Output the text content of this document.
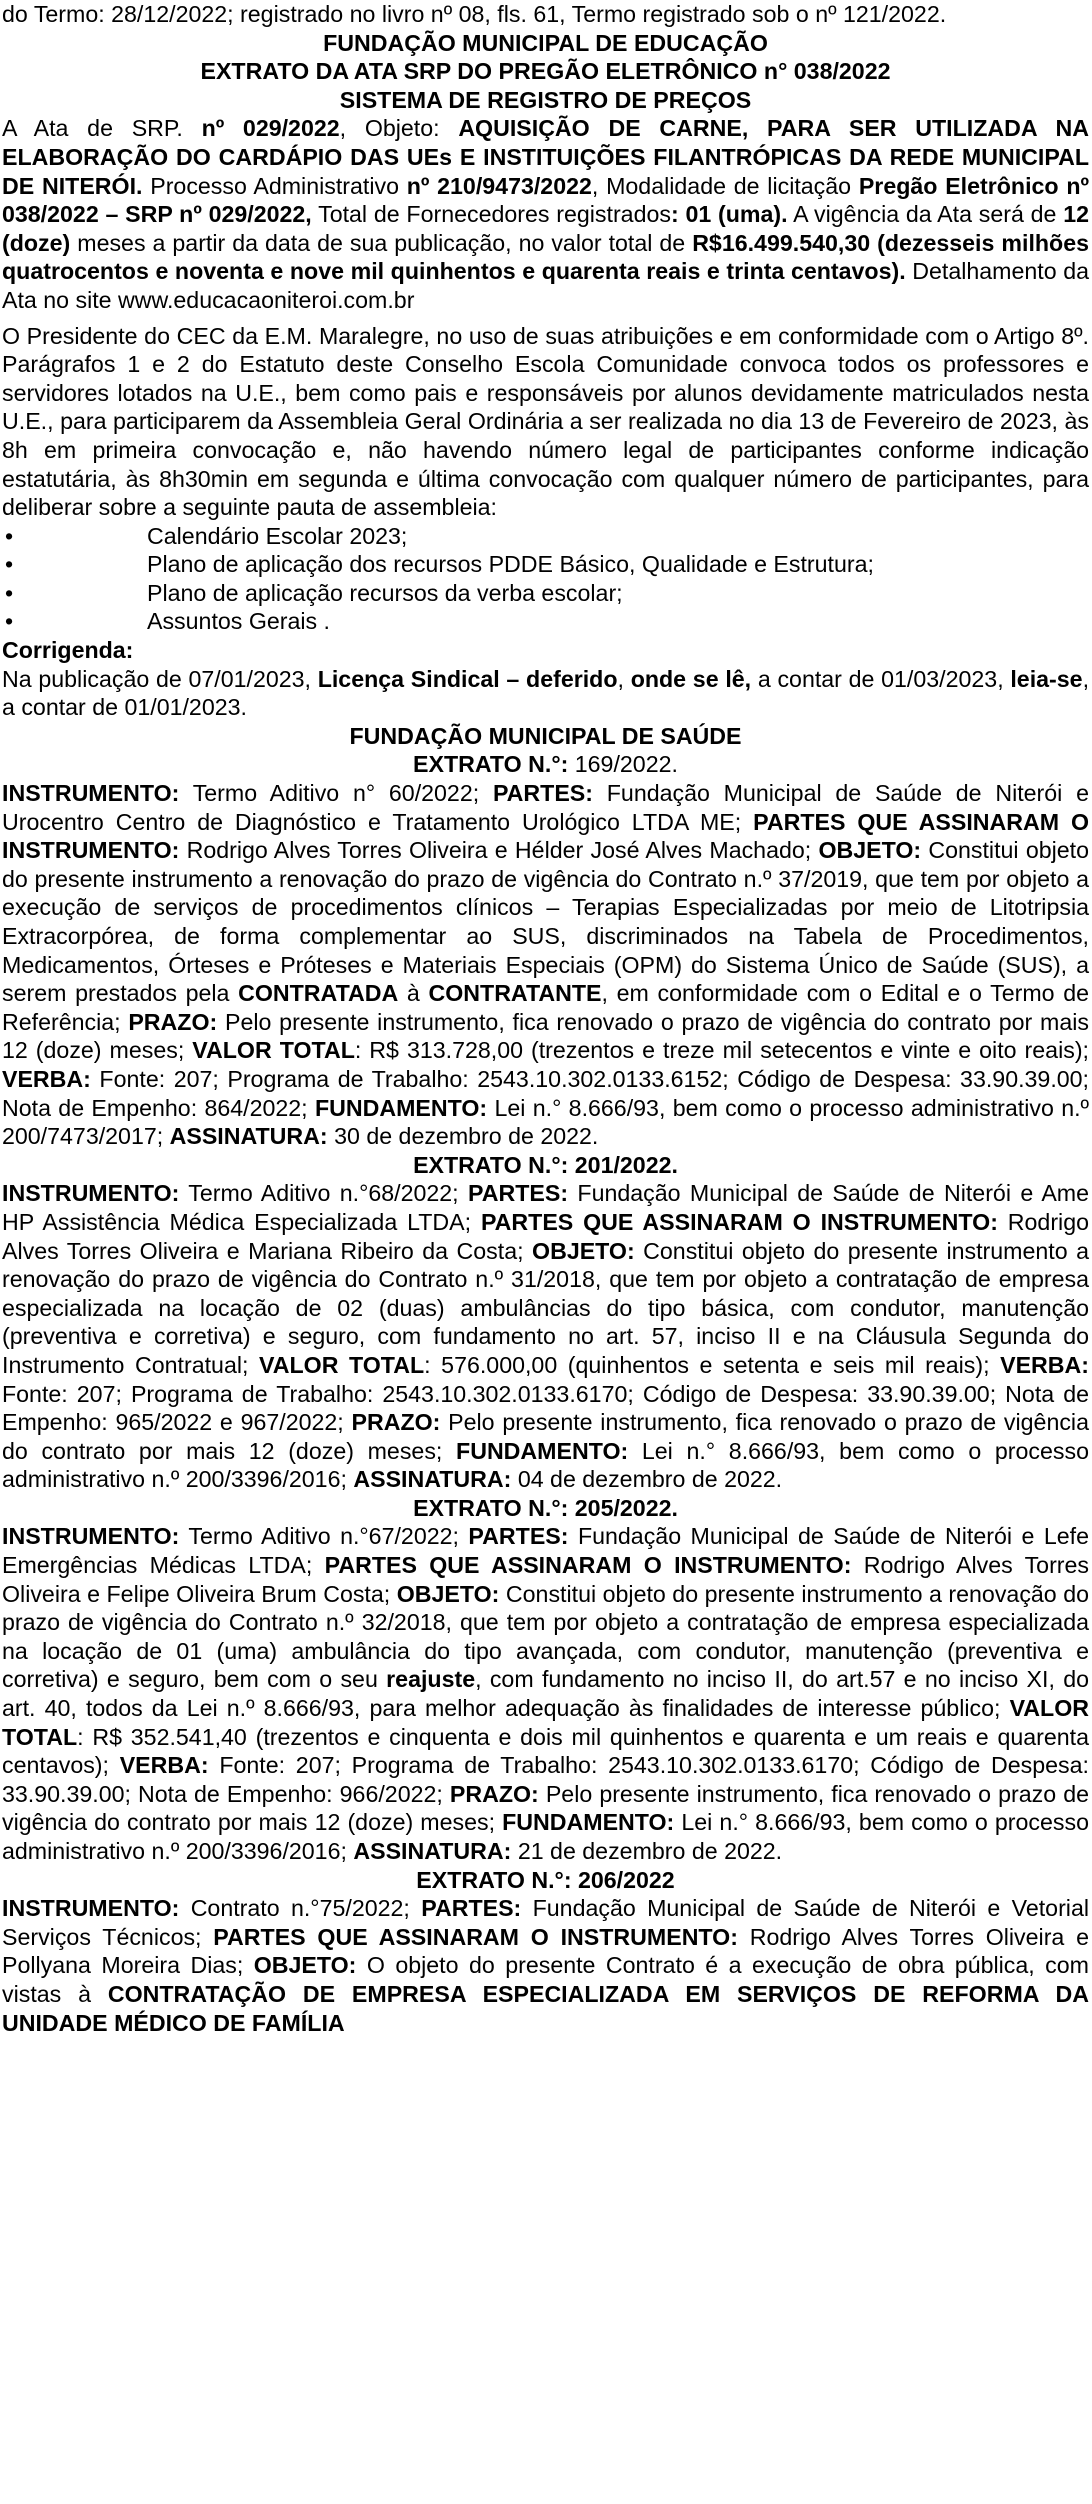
do Termo: 28/12/2022; registrado no livro nº 08, fls. 61, Termo registrado sob o nº 121/2022.

FUNDAÇÃO MUNICIPAL DE EDUCAÇÃO

EXTRATO DA ATA SRP DO PREGÃO ELETRÔNICO n° 038/2022

SISTEMA DE REGISTRO DE PREÇOS

A Ata de SRP. nº 029/2022, Objeto: AQUISIÇÃO DE CARNE, PARA SER UTILIZADA NA ELABORAÇÃO DO CARDÁPIO DAS UEs E INSTITUIÇÕES FILANTRÓPICAS DA REDE MUNICIPAL DE NITERÓI. Processo Administrativo nº 210/9473/2022, Modalidade de licitação Pregão Eletrônico nº 038/2022 – SRP nº 029/2022, Total de Fornecedores registrados: 01 (uma). A vigência da Ata será de 12 (doze) meses a partir da data de sua publicação, no valor total de R$16.499.540,30 (dezesseis milhões quatrocentos e noventa e nove mil quinhentos e quarenta reais e trinta centavos). Detalhamento da Ata no site www.educacaoniteroi.com.br

O Presidente do CEC da E.M. Maralegre, no uso de suas atribuições e em conformidade com o Artigo 8º. Parágrafos 1 e 2 do Estatuto deste Conselho Escola Comunidade convoca todos os professores e servidores lotados na U.E., bem como pais e responsáveis por alunos devidamente matriculados nesta U.E., para participarem da Assembleia Geral Ordinária a ser realizada no dia 13 de Fevereiro de 2023, às 8h em primeira convocação e, não havendo número legal de participantes conforme indicação estatutária, às 8h30min em segunda e última convocação com qualquer número de participantes, para deliberar sobre a seguinte pauta de assembleia:

• Calendário Escolar 2023;
• Plano de aplicação dos recursos PDDE Básico, Qualidade e Estrutura;
• Plano de aplicação recursos da verba escolar;
• Assuntos Gerais .

Corrigenda:

Na publicação de 07/01/2023, Licença Sindical – deferido, onde se lê, a contar de 01/03/2023, leia-se, a contar de 01/01/2023.

FUNDAÇÃO MUNICIPAL DE SAÚDE

EXTRATO N.°: 169/2022.

INSTRUMENTO: Termo Aditivo n° 60/2022; PARTES: Fundação Municipal de Saúde de Niterói e Urocentro Centro de Diagnóstico e Tratamento Urológico LTDA ME; PARTES QUE ASSINARAM O INSTRUMENTO: Rodrigo Alves Torres Oliveira e Hélder José Alves Machado; OBJETO: Constitui objeto do presente instrumento a renovação do prazo de vigência do Contrato n.º 37/2019, que tem por objeto a execução de serviços de procedimentos clínicos – Terapias Especializadas por meio de Litotripsia Extracorpórea, de forma complementar ao SUS, discriminados na Tabela de Procedimentos, Medicamentos, Órteses e Próteses e Materiais Especiais (OPM) do Sistema Único de Saúde (SUS), a serem prestados pela CONTRATADA à CONTRATANTE, em conformidade com o Edital e o Termo de Referência; PRAZO: Pelo presente instrumento, fica renovado o prazo de vigência do contrato por mais 12 (doze) meses; VALOR TOTAL: R$ 313.728,00 (trezentos e treze mil setecentos e vinte e oito reais); VERBA: Fonte: 207; Programa de Trabalho: 2543.10.302.0133.6152; Código de Despesa: 33.90.39.00; Nota de Empenho: 864/2022; FUNDAMENTO: Lei n.° 8.666/93, bem como o processo administrativo n.º 200/7473/2017; ASSINATURA: 30 de dezembro de 2022.

EXTRATO N.°: 201/2022.

INSTRUMENTO: Termo Aditivo n.°68/2022; PARTES: Fundação Municipal de Saúde de Niterói e Ame HP Assistência Médica Especializada LTDA; PARTES QUE ASSINARAM O INSTRUMENTO: Rodrigo Alves Torres Oliveira e Mariana Ribeiro da Costa; OBJETO: Constitui objeto do presente instrumento a renovação do prazo de vigência do Contrato n.º 31/2018, que tem por objeto a contratação de empresa especializada na locação de 02 (duas) ambulâncias do tipo básica, com condutor, manutenção (preventiva e corretiva) e seguro, com fundamento no art. 57, inciso II e na Cláusula Segunda do Instrumento Contratual; VALOR TOTAL: 576.000,00 (quinhentos e setenta e seis mil reais); VERBA: Fonte: 207; Programa de Trabalho: 2543.10.302.0133.6170; Código de Despesa: 33.90.39.00; Nota de Empenho: 965/2022 e 967/2022; PRAZO: Pelo presente instrumento, fica renovado o prazo de vigência do contrato por mais 12 (doze) meses; FUNDAMENTO: Lei n.° 8.666/93, bem como o processo administrativo n.º 200/3396/2016; ASSINATURA: 04 de dezembro de 2022.

EXTRATO N.°: 205/2022.

INSTRUMENTO: Termo Aditivo n.°67/2022; PARTES: Fundação Municipal de Saúde de Niterói e Lefe Emergências Médicas LTDA; PARTES QUE ASSINARAM O INSTRUMENTO: Rodrigo Alves Torres Oliveira e Felipe Oliveira Brum Costa; OBJETO: Constitui objeto do presente instrumento a renovação do prazo de vigência do Contrato n.º 32/2018, que tem por objeto a contratação de empresa especializada na locação de 01 (uma) ambulância do tipo avançada, com condutor, manutenção (preventiva e corretiva) e seguro, bem com o seu reajuste, com fundamento no inciso II, do art.57 e no inciso XI, do art. 40, todos da Lei n.º 8.666/93, para melhor adequação às finalidades de interesse público; VALOR TOTAL: R$ 352.541,40 (trezentos e cinquenta e dois mil quinhentos e quarenta e um reais e quarenta centavos); VERBA: Fonte: 207; Programa de Trabalho: 2543.10.302.0133.6170; Código de Despesa: 33.90.39.00; Nota de Empenho: 966/2022; PRAZO: Pelo presente instrumento, fica renovado o prazo de vigência do contrato por mais 12 (doze) meses; FUNDAMENTO: Lei n.° 8.666/93, bem como o processo administrativo n.º 200/3396/2016; ASSINATURA: 21 de dezembro de 2022.

EXTRATO N.°: 206/2022

INSTRUMENTO: Contrato n.°75/2022; PARTES: Fundação Municipal de Saúde de Niterói e Vetorial Serviços Técnicos; PARTES QUE ASSINARAM O INSTRUMENTO: Rodrigo Alves Torres Oliveira e Pollyana Moreira Dias; OBJETO: O objeto do presente Contrato é a execução de obra pública, com vistas à CONTRATAÇÃO DE EMPRESA ESPECIALIZADA EM SERVIÇOS DE REFORMA DA UNIDADE MÉDICO DE FAMÍLIA
